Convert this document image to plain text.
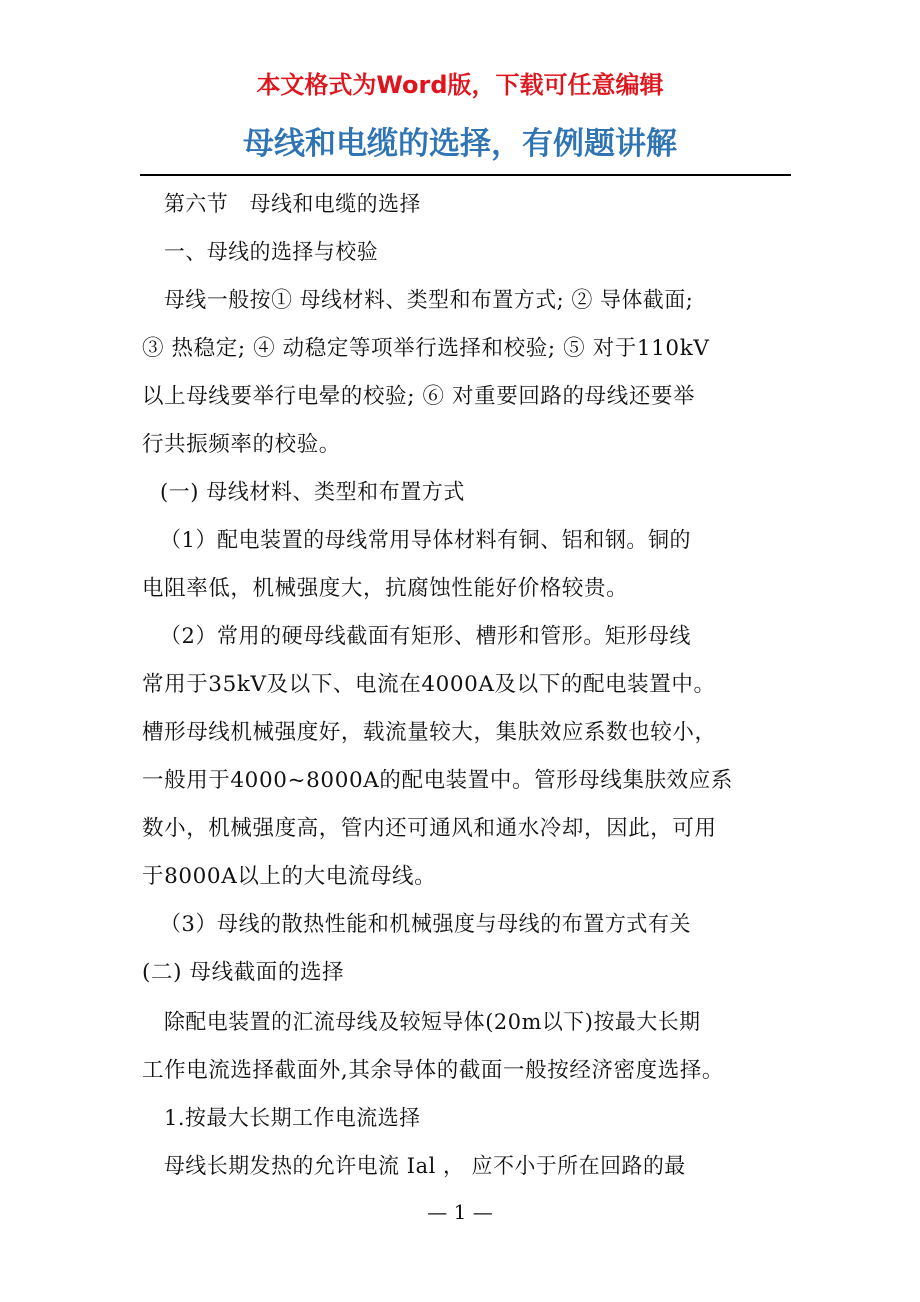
本文格式为Word版，下载可任意编辑
母线和电缆的选择，有例题讲解
第六节　母线和电缆的选择
一、母线的选择与校验
母线一般按① 母线材料、类型和布置方式; ② 导体截面;
③ 热稳定; ④ 动稳定等项举行选择和校验; ⑤ 对于110kV
以上母线要举行电晕的校验; ⑥ 对重要回路的母线还要举
行共振频率的校验。
(一) 母线材料、类型和布置方式
（1）配电装置的母线常用导体材料有铜、铝和钢。铜的
电阻率低，机械强度大，抗腐蚀性能好价格较贵。
（2）常用的硬母线截面有矩形、槽形和管形。矩形母线
常用于35kV及以下、电流在4000A及以下的配电装置中。
槽形母线机械强度好，载流量较大，集肤效应系数也较小，
一般用于4000~8000A的配电装置中。管形母线集肤效应系
数小，机械强度高，管内还可通风和通水冷却，因此，可用
于8000A以上的大电流母线。
（3）母线的散热性能和机械强度与母线的布置方式有关
(二) 母线截面的选择
除配电装置的汇流母线及较短导体(20m以下)按最大长期
工作电流选择截面外,其余导体的截面一般按经济密度选择。
1.按最大长期工作电流选择
母线长期发热的允许电流 Ial ， 应不小于所在回路的最
— 1 —
